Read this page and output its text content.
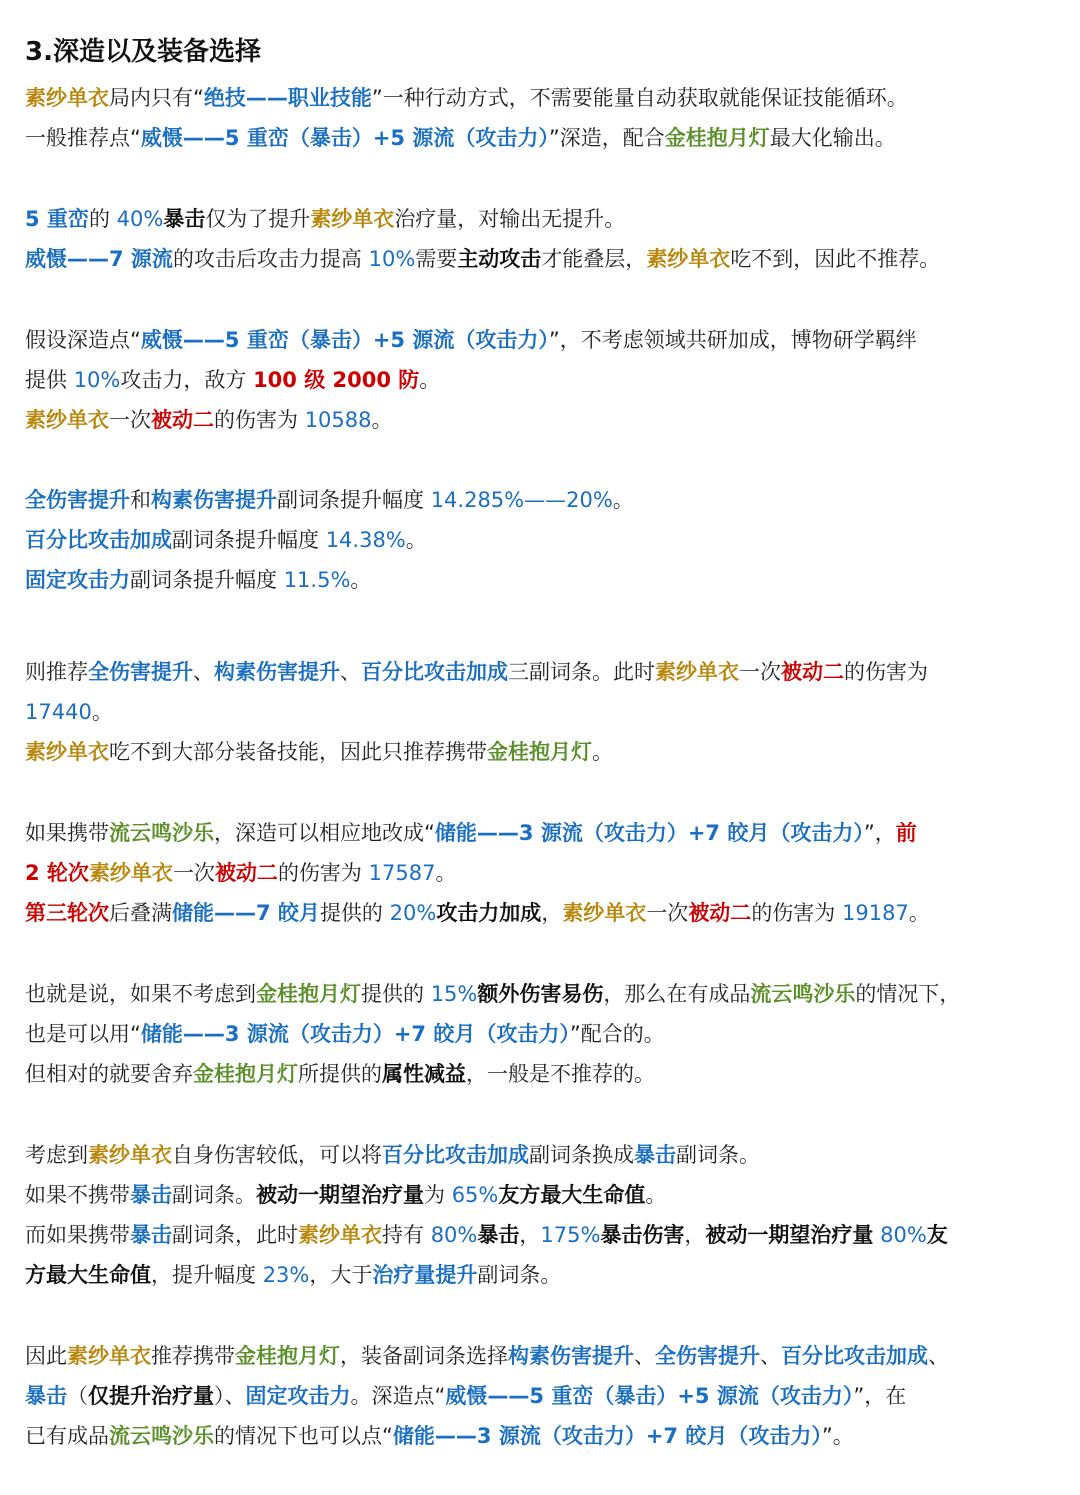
3.深造以及装备选择
素纱单衣局内只有“绝技——职业技能”一种行动方式，不需要能量自动获取就能保证技能循环。
一般推荐点“威慑——5 重峦（暴击）+5 源流（攻击力）”深造，配合金桂抱月灯最大化输出。
5 重峦的 40%暴击仅为了提升素纱单衣治疗量，对输出无提升。
威慑——7 源流的攻击后攻击力提高 10%需要主动攻击才能叠层，素纱单衣吃不到，因此不推荐。
假设深造点“威慑——5 重峦（暴击）+5 源流（攻击力）”，不考虑领域共研加成，博物研学羁绊
提供 10%攻击力，敌方 100 级 2000 防。
素纱单衣一次被动二的伤害为 10588。
全伤害提升和构素伤害提升副词条提升幅度 14.285%——20%。
百分比攻击加成副词条提升幅度 14.38%。
固定攻击力副词条提升幅度 11.5%。
则推荐全伤害提升、构素伤害提升、百分比攻击加成三副词条。此时素纱单衣一次被动二的伤害为
17440。
素纱单衣吃不到大部分装备技能，因此只推荐携带金桂抱月灯。
如果携带流云鸣沙乐，深造可以相应地改成“储能——3 源流（攻击力）+7 皎月（攻击力）”，前
2 轮次素纱单衣一次被动二的伤害为 17587。
第三轮次后叠满储能——7 皎月提供的 20%攻击力加成，素纱单衣一次被动二的伤害为 19187。
也就是说，如果不考虑到金桂抱月灯提供的 15%额外伤害易伤，那么在有成品流云鸣沙乐的情况下，
也是可以用“储能——3 源流（攻击力）+7 皎月（攻击力）”配合的。
但相对的就要舍弃金桂抱月灯所提供的属性减益，一般是不推荐的。
考虑到素纱单衣自身伤害较低，可以将百分比攻击加成副词条换成暴击副词条。
如果不携带暴击副词条。被动一期望治疗量为 65%友方最大生命值。
而如果携带暴击副词条，此时素纱单衣持有 80%暴击，175%暴击伤害，被动一期望治疗量 80%友
方最大生命值，提升幅度 23%，大于治疗量提升副词条。
因此素纱单衣推荐携带金桂抱月灯，装备副词条选择构素伤害提升、全伤害提升、百分比攻击加成、
暴击（仅提升治疗量）、固定攻击力。深造点“威慑——5 重峦（暴击）+5 源流（攻击力）”，在
已有成品流云鸣沙乐的情况下也可以点“储能——3 源流（攻击力）+7 皎月（攻击力）”。
